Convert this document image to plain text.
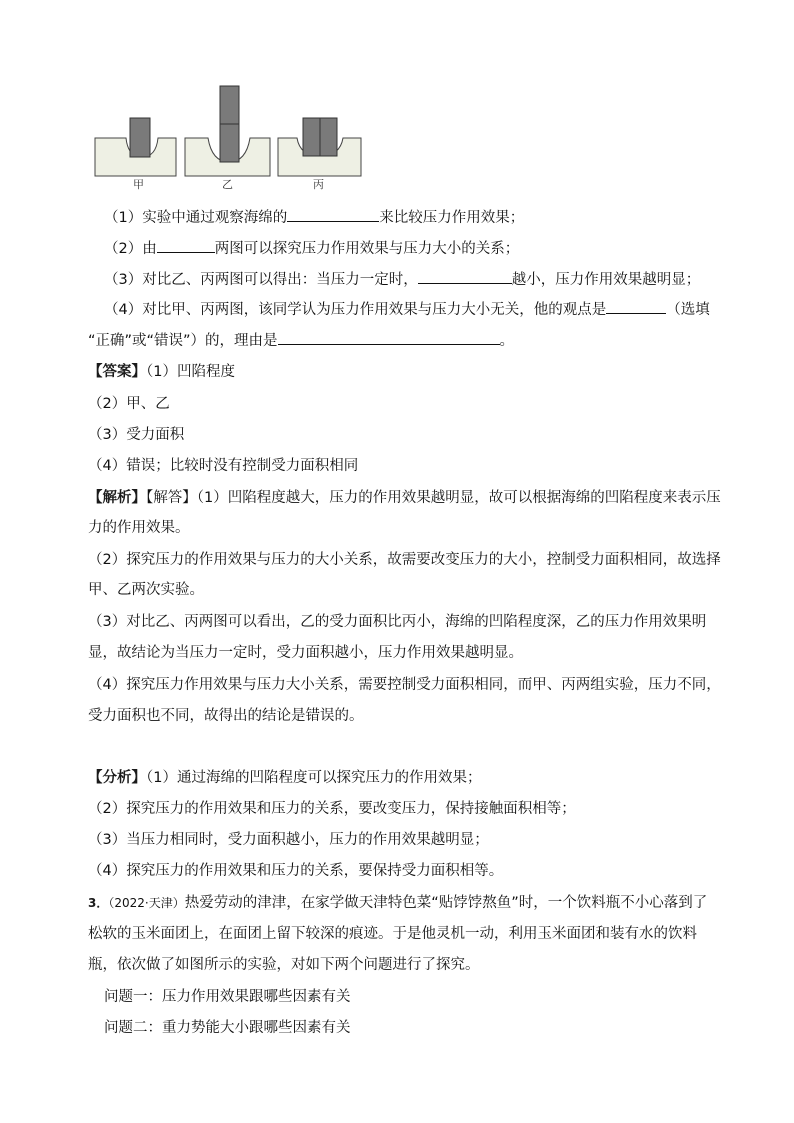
甲	乙	丙
（1）实验中通过观察海绵的	来比较压力作用效果；
（2）由	两图可以探究压力作用效果与压力大小的关系；
（3）对比乙、丙两图可以得出：当压力一定时，	越小，压力作用效果越明显；
（4）对比甲、丙两图，该同学认为压力作用效果与压力大小无关，他的观点是	（选填
“正确”或“错误”）的，理由是	。
【答案】（1）凹陷程度
（2）甲、乙
（3）受力面积
（4）错误；比较时没有控制受力面积相同
【解析】【解答】（1）凹陷程度越大，压力的作用效果越明显，故可以根据海绵的凹陷程度来表示压
力的作用效果。
（2）探究压力的作用效果与压力的大小关系，故需要改变压力的大小，控制受力面积相同，故选择
甲、乙两次实验。
（3）对比乙、丙两图可以看出，乙的受力面积比丙小，海绵的凹陷程度深，乙的压力作用效果明
显，故结论为当压力一定时，受力面积越小，压力作用效果越明显。
（4）探究压力作用效果与压力大小关系，需要控制受力面积相同，而甲、丙两组实验，压力不同，
受力面积也不同，故得出的结论是错误的。
【分析】（1）通过海绵的凹陷程度可以探究压力的作用效果；
（2）探究压力的作用效果和压力的关系，要改变压力，保持接触面积相等；
（3）当压力相同时，受力面积越小，压力的作用效果越明显；
（4）探究压力的作用效果和压力的关系，要保持受力面积相等。
3．（2022·天津）热爱劳动的津津，在家学做天津特色菜“贴饽饽熬鱼”时，一个饮料瓶不小心落到了
松软的玉米面团上，在面团上留下较深的痕迹。于是他灵机一动，利用玉米面团和装有水的饮料
瓶，依次做了如图所示的实验，对如下两个问题进行了探究。
问题一：压力作用效果跟哪些因素有关
问题二：重力势能大小跟哪些因素有关
